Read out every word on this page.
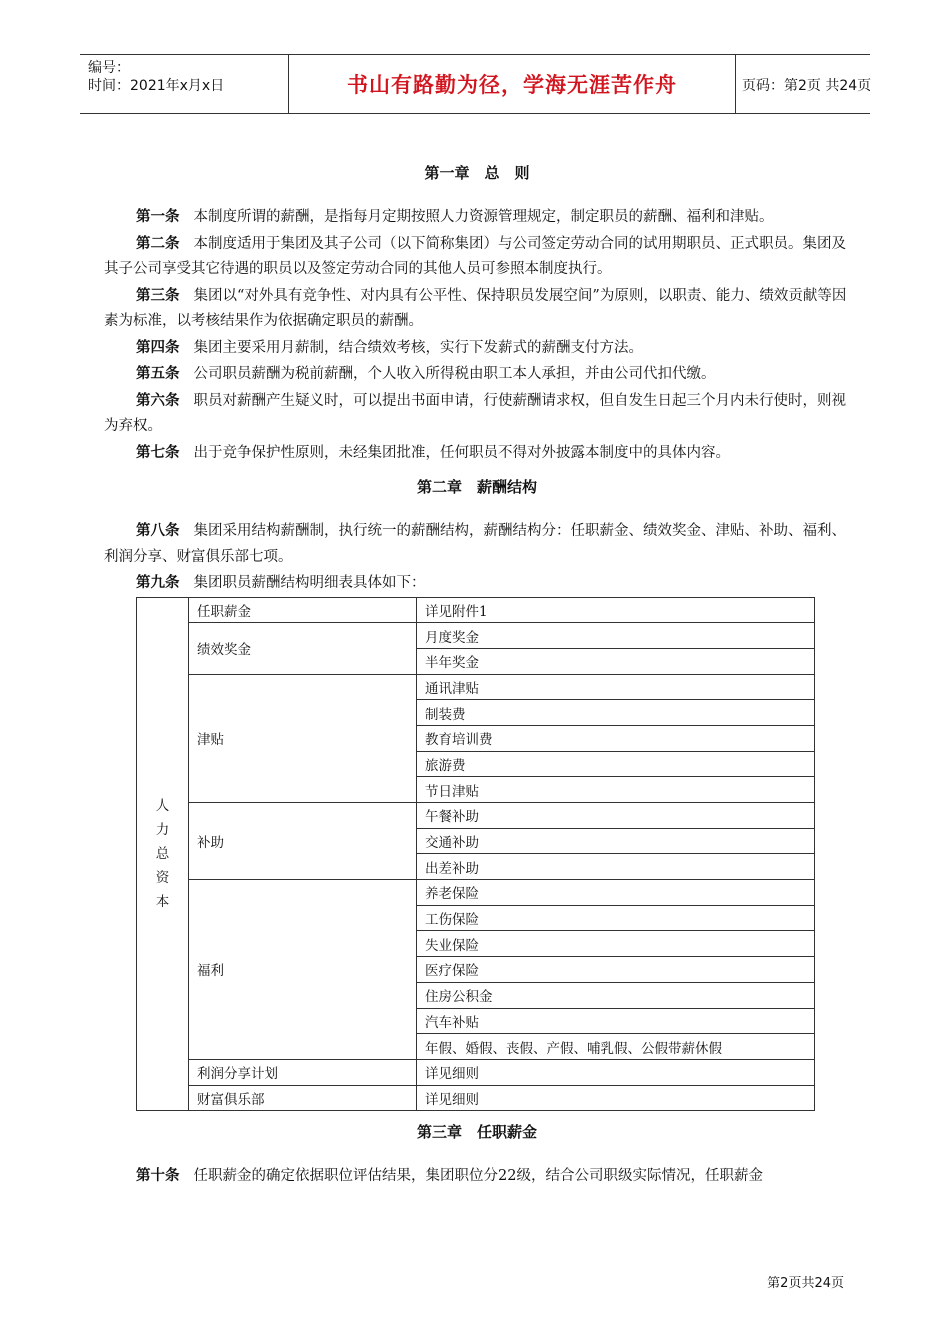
编号：
时间：2021年x月x日	书山有路勤为径，学海无涯苦作舟	页码：第2页 共24页
第一章　总　则

第一条 本制度所谓的薪酬，是指每月定期按照人力资源管理规定，制定职员的薪酬、福利和津贴。

第二条 本制度适用于集团及其子公司（以下简称集团）与公司签定劳动合同的试用期职员、正式职员。集团及其子公司享受其它待遇的职员以及签定劳动合同的其他人员可参照本制度执行。

第三条 集团以“对外具有竞争性、对内具有公平性、保持职员发展空间”为原则，以职责、能力、绩效贡献等因素为标准，以考核结果作为依据确定职员的薪酬。

第四条 集团主要采用月薪制，结合绩效考核，实行下发薪式的薪酬支付方法。

第五条 公司职员薪酬为税前薪酬，个人收入所得税由职工本人承担，并由公司代扣代缴。

第六条 职员对薪酬产生疑义时，可以提出书面申请，行使薪酬请求权，但自发生日起三个月内未行使时，则视为弃权。

第七条 出于竞争保护性原则，未经集团批准，任何职员不得对外披露本制度中的具体内容。

第二章　薪酬结构

第八条 集团采用结构薪酬制，执行统一的薪酬结构，薪酬结构分：任职薪金、绩效奖金、津贴、补助、福利、利润分享、财富俱乐部七项。

第九条 集团职员薪酬结构明细表具体如下：

人
力
总
资
本	任职薪金	详见附件1
	绩效奖金	月度奖金
		半年奖金
	津贴	通讯津贴
		制装费
		教育培训费
		旅游费
		节日津贴
	补助	午餐补助
		交通补助
		出差补助
	福利	养老保险
		工伤保险
		失业保险
		医疗保险
		住房公积金
		汽车补贴
		年假、婚假、丧假、产假、哺乳假、公假带薪休假
	利润分享计划	详见细则
	财富俱乐部	详见细则
第三章　任职薪金

第十条 任职薪金的确定依据职位评估结果，集团职位分22级，结合公司职级实际情况，任职薪金

第2页共24页
